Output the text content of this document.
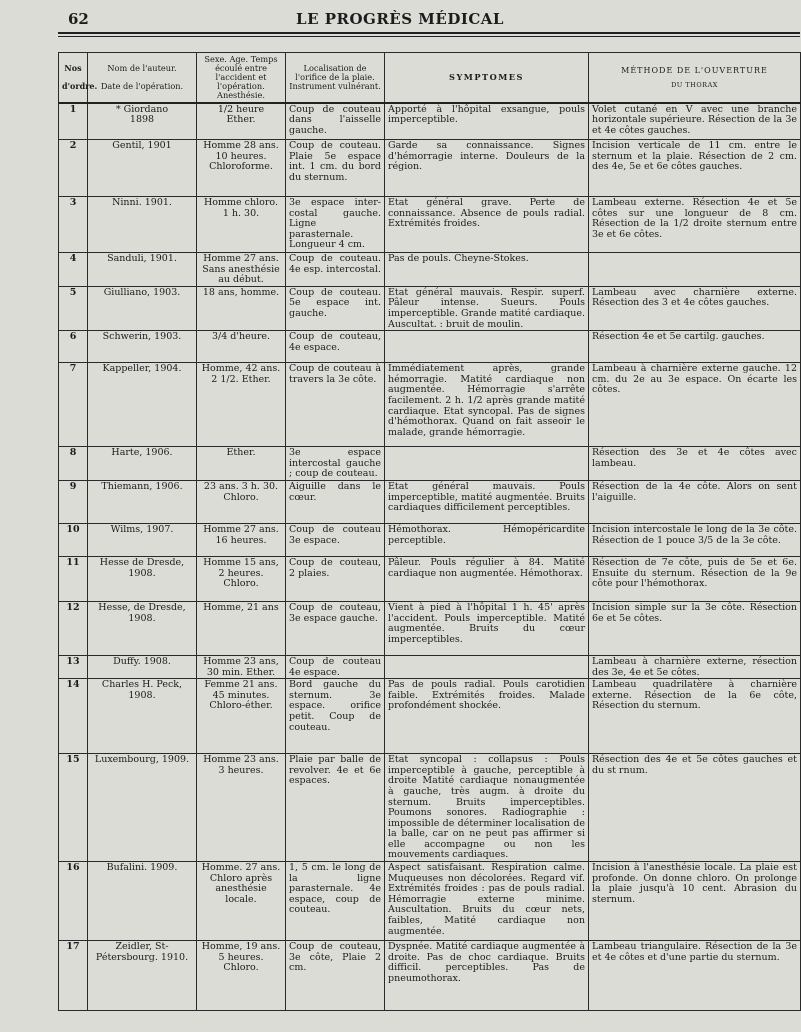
62	LE PROGRÈS MÉDICAL
Nos

d'ordre.	Nom de l'auteur.

Date de l'opération.	Sexe. Age. Temps écoulé entre l'accident et l'opération. Anesthésie.	Localisation de l'orifice de la plaie. Instrument vulnérant.	SYMPTOMES	MÉTHODE DE L'OUVERTURE
DU THORAX

1	* Giordano
1898	1/2 heure
Ether.	Coup de couteau dans l'aisselle gauche.	Apporté à l'hôpital exsangue, pouls imperceptible.	Volet cutané en V avec une branche horizontale supérieure. Résection de la 3e et 4e côtes gauches.
2	Gentil, 1901	Homme 28 ans.
10 heures.
Chloroforme.	Coup de couteau. Plaie 5e espace int. 1 cm. du bord du sternum.	Garde sa connaissance. Signes d'hémorragie interne. Douleurs de la région.	Incision verticale de 11 cm. entre le sternum et la plaie. Résection de 2 cm. des 4e, 5e et 6e côtes gauches.
3	Ninni. 1901.	Homme chloro.
1 h. 30.	3e espace inter-costal gauche. Ligne parasternale. Longueur 4 cm.	Etat général grave. Perte de connaissance. Absence de pouls radial. Extrémités froides.	Lambeau externe. Résection 4e et 5e côtes sur une longueur de 8 cm. Résection de la 1/2 droite sternum entre 3e et 6e côtes.
4	Sanduli, 1901.	Homme 27 ans.
Sans anesthésie au début.	Coup de couteau. 4e esp. intercostal.	Pas de pouls. Cheyne-Stokes.	
5	Giulliano, 1903.	18 ans, homme.	Coup de couteau. 5e espace int. gauche.	Etat général mauvais. Respir. superf. Pâleur intense. Sueurs. Pouls imperceptible. Grande matité cardiaque. Auscultat. : bruit de moulin.	Lambeau avec charnière externe. Résection des 3 et 4e côtes gauches.
6	Schwerin, 1903.	3/4 d'heure.	Coup de couteau, 4e espace.		Résection 4e et 5e cartilg. gauches.
7	Kappeller, 1904.	Homme, 42 ans.
2 1/2. Ether.	Coup de couteau à travers la 3e côte.	Immédiatement après, grande hémorragie. Matité cardiaque non augmentée. Hémorragie s'arrête facilement. 2 h. 1/2 après grande matité cardiaque. Etat syncopal. Pas de signes d'hémothorax. Quand on fait asseoir le malade, grande hémorragie.	Lambeau à charnière externe gauche. 12 cm. du 2e au 3e espace. On écarte les côtes.
8	Harte, 1906.	Ether.	3e espace intercostal gauche ; coup de couteau.		Résection des 3e et 4e côtes avec lambeau.
9	Thiemann, 1906.	23 ans. 3 h. 30.
Chloro.	Aiguille dans le cœur.	Etat général mauvais. Pouls imperceptible, matité augmentée. Bruits cardiaques difficilement perceptibles.	Résection de la 4e côte. Alors on sent l'aiguille.
10	Wilms, 1907.	Homme 27 ans.
16 heures.	Coup de couteau 3e espace.	Hémothorax. Hémopéricardite perceptible.	Incision intercostale le long de la 3e côte. Résection de 1 pouce 3/5 de la 3e côte.
11	Hesse de Dresde,
1908.	Homme 15 ans,
2 heures.
Chloro.	Coup de couteau, 2 plaies.	Pâleur. Pouls régulier à 84. Matité cardiaque non augmentée. Hémothorax.	Résection de 7e côte, puis de 5e et 6e. Ensuite du sternum. Résection de la 9e côte pour l'hémothorax.
12	Hesse, de Dresde,
1908.	Homme, 21 ans	Coup de couteau, 3e espace gauche.	Vient à pied à l'hôpital 1 h. 45' après l'accident. Pouls imperceptible. Matité augmentée. Bruits du cœur imperceptibles.	Incision simple sur la 3e côte. Résection 6e et 5e côtes.
13	Duffy. 1908.	Homme 23 ans,
30 min. Ether.	Coup de couteau 4e espace.		Lambeau à charnière externe, résection des 3e, 4e et 5e côtes.
14	Charles H. Peck,
1908.	Femme 21 ans.
45 minutes.
Chloro-éther.	Bord gauche du sternum. 3e espace. orifice petit. Coup de couteau.	Pas de pouls radial. Pouls carotidien faible. Extrémités froides. Malade profondément shockée.	Lambeau quadrilatère à charnière externe. Résection de la 6e côte, Résection du sternum.
15	Luxembourg, 1909.	Homme 23 ans.
3 heures.	Plaie par balle de revolver. 4e et 6e espaces.	Etat syncopal : collapsus : Pouls imperceptible à gauche, perceptible à droite Matité cardiaque nonaugmentée à gauche, très augm. à droite du sternum. Bruits imperceptibles. Poumons sonores. Radiographie : impossible de déterminer localisation de la balle, car on ne peut pas affirmer si elle accompagne ou non les mouvements cardiaques.	Résection des 4e et 5e côtes gauches et du st rnum.
16	Bufalini. 1909.	Homme. 27 ans.
Chloro après anesthésie locale.	1, 5 cm. le long de la ligne parasternale. 4e espace, coup de couteau.	Aspect satisfaisant. Respiration calme. Muqueuses non décolorées. Regard vif. Extrémités froides : pas de pouls radial. Hémorragie externe minime. Auscultation. Bruits du cœur nets, faibles, Matité cardiaque non augmentée.	Incision à l'anesthésie locale. La plaie est profonde. On donne chloro. On prolonge la plaie jusqu'à 10 cent. Abrasion du sternum.
17	Zeidler, St-Pétersbourg. 1910.	Homme, 19 ans.
5 heures.
Chloro.	Coup de couteau, 3e côte, Plaie 2 cm.	Dyspnée. Matité cardiaque augmentée à droite. Pas de choc cardiaque. Bruits difficil. perceptibles. Pas de pneumothorax.	Lambeau triangulaire. Résection de la 3e et 4e côtes et d'une partie du sternum.
